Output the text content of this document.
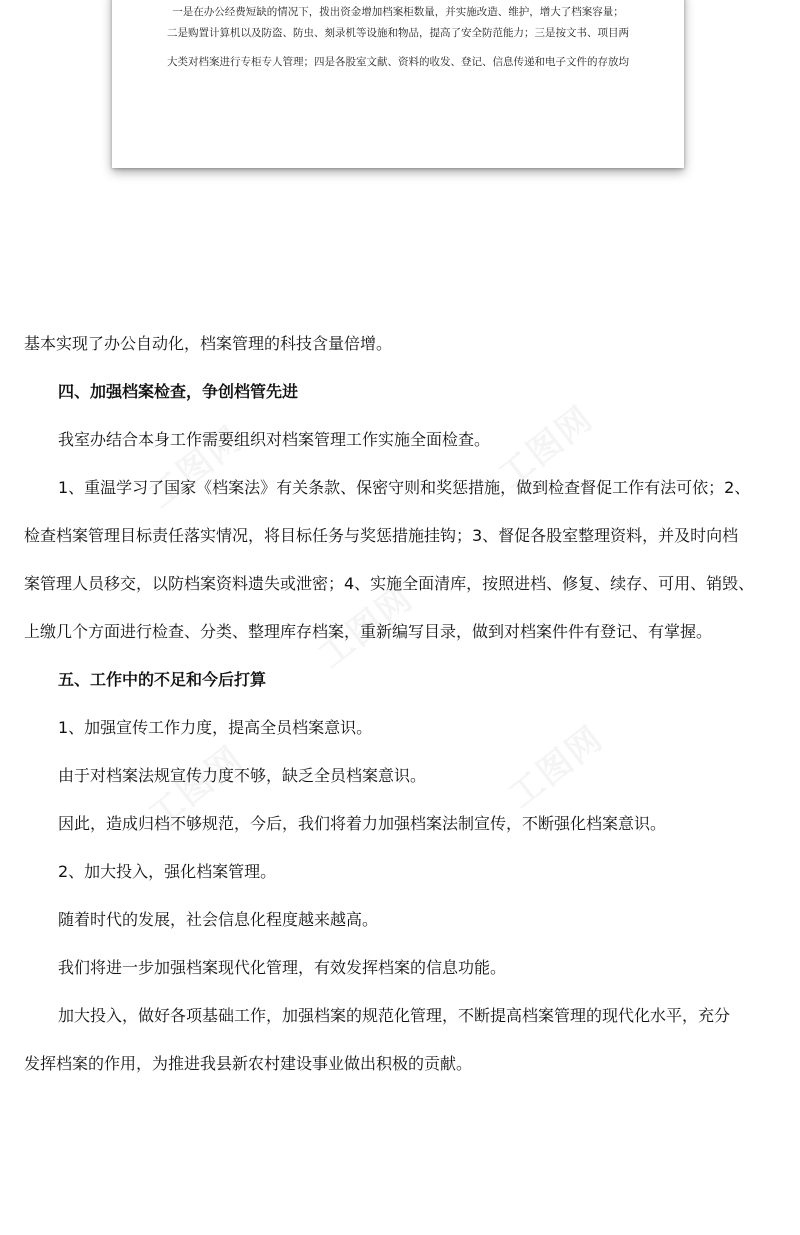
一是在办公经费短缺的情况下，拨出资金增加档案柜数量，并实施改造、维护，增大了档案容量；
二是购置计算机以及防盗、防虫、刻录机等设施和物品，提高了安全防范能力；三是按文书、项目两
大类对档案进行专柜专人管理；四是各股室文献、资料的收发、登记、信息传递和电子文件的存放均
基本实现了办公自动化，档案管理的科技含量倍增。
四、加强档案检查，争创档管先进
我室办结合本身工作需要组织对档案管理工作实施全面检查。
1、重温学习了国家《档案法》有关条款、保密守则和奖惩措施，做到检查督促工作有法可依；2、
检查档案管理目标责任落实情况，将目标任务与奖惩措施挂钩；3、督促各股室整理资料，并及时向档
案管理人员移交，以防档案资料遗失或泄密；4、实施全面清库，按照进档、修复、续存、可用、销毁、
上缴几个方面进行检查、分类、整理库存档案，重新编写目录，做到对档案件件有登记、有掌握。
五、工作中的不足和今后打算
1、加强宣传工作力度，提高全员档案意识。
由于对档案法规宣传力度不够，缺乏全员档案意识。
因此，造成归档不够规范，今后，我们将着力加强档案法制宣传，不断强化档案意识。
2、加大投入，强化档案管理。
随着时代的发展，社会信息化程度越来越高。
我们将进一步加强档案现代化管理，有效发挥档案的信息功能。
加大投入，做好各项基础工作，加强档案的规范化管理，不断提高档案管理的现代化水平，充分
发挥档案的作用，为推进我县新农村建设事业做出积极的贡献。
